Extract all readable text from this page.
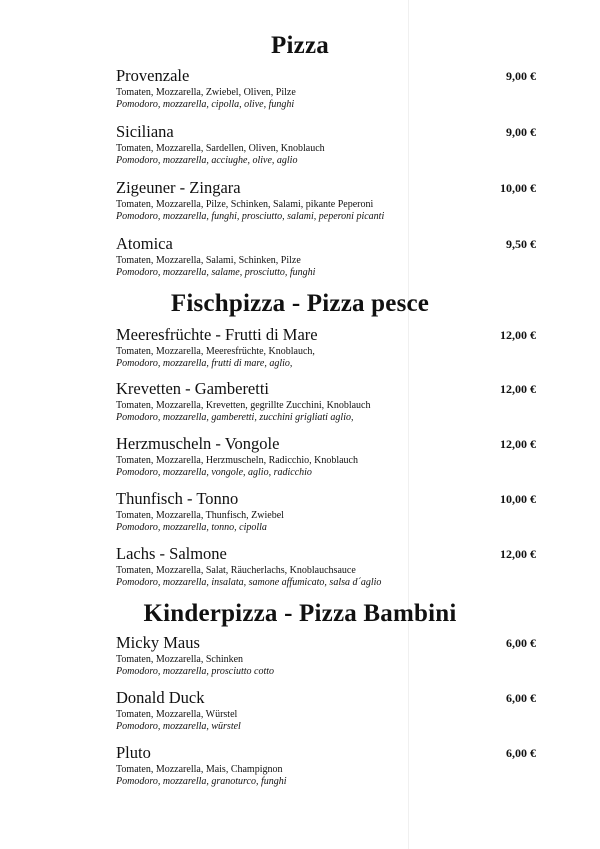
Pizza
Provenzale
Tomaten, Mozzarella, Zwiebel, Oliven, Pilze
Pomodoro, mozzarella, cipolla, olive, funghi
9,00 €
Siciliana
Tomaten, Mozzarella, Sardellen, Oliven, Knoblauch
Pomodoro, mozzarella, acciughe, olive, aglio
9,00 €
Zigeuner - Zingara
Tomaten, Mozzarella, Pilze, Schinken, Salami, pikante Peperoni
Pomodoro, mozzarella, funghi, prosciutto, salami, peperoni picanti
10,00 €
Atomica
Tomaten, Mozzarella, Salami, Schinken, Pilze
Pomodoro, mozzarella, salame, prosciutto, funghi
9,50 €
Fischpizza - Pizza pesce
Meeresfrüchte - Frutti di Mare
Tomaten, Mozzarella, Meeresfrüchte, Knoblauch,
Pomodoro, mozzarella, frutti di mare, aglio,
12,00 €
Krevetten - Gamberetti
Tomaten, Mozzarella, Krevetten, gegrillte Zucchini, Knoblauch
Pomodoro, mozzarella, gamberetti, zucchini grigliati aglio,
12,00 €
Herzmuscheln - Vongole
Tomaten, Mozzarella, Herzmuscheln, Radicchio, Knoblauch
Pomodoro, mozzarella, vongole, aglio, radicchio
12,00 €
Thunfisch - Tonno
Tomaten, Mozzarella, Thunfisch, Zwiebel
Pomodoro, mozzarella, tonno, cipolla
10,00 €
Lachs - Salmone
Tomaten, Mozzarella, Salat, Räucherlachs, Knoblauchsauce
Pomodoro, mozzarella, insalata, samone affumicato, salsa d´aglio
12,00 €
Kinderpizza - Pizza Bambini
Micky Maus
Tomaten, Mozzarella, Schinken
Pomodoro, mozzarella, prosciutto cotto
6,00 €
Donald Duck
Tomaten, Mozzarella, Würstel
Pomodoro, mozzarella, würstel
6,00 €
Pluto
Tomaten, Mozzarella, Mais, Champignon
Pomodoro, mozzarella, granoturco, funghi
6,00 €
